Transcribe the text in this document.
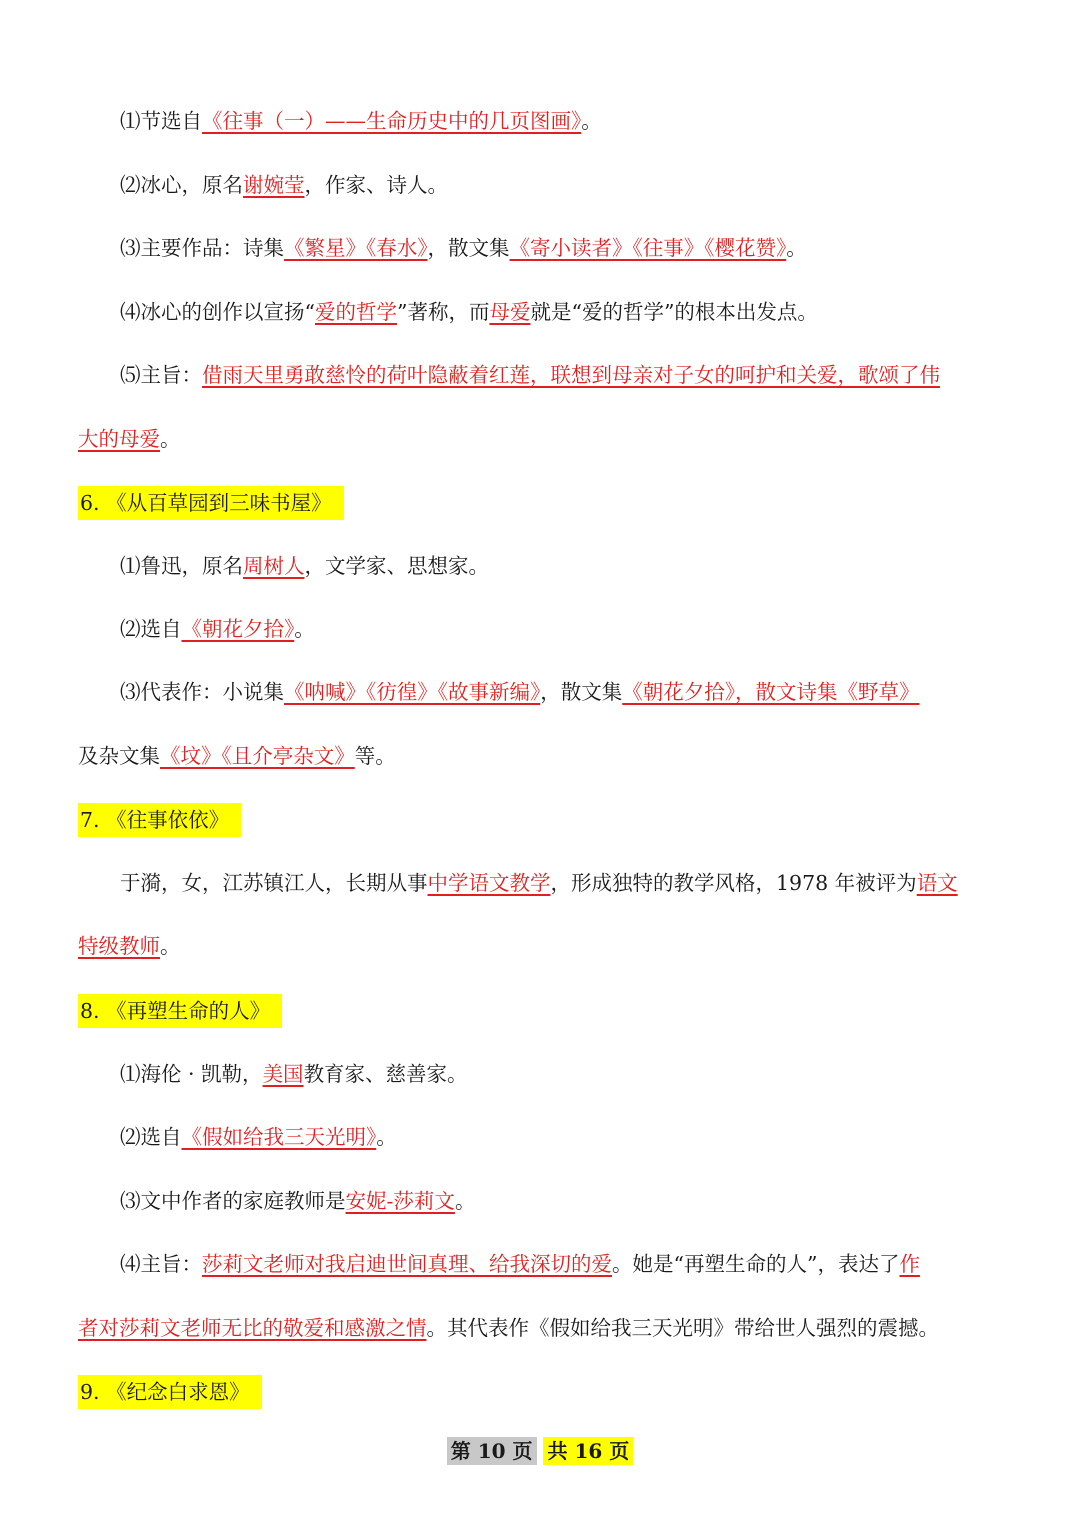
⑴节选自《往事（一）——生命历史中的几页图画》。
⑵冰心，原名谢婉莹，作家、诗人。
⑶主要作品：诗集《繁星》《春水》，散文集《寄小读者》《往事》《樱花赞》。
⑷冰心的创作以宣扬“爱的哲学”著称，而母爱就是“爱的哲学”的根本出发点。
⑸主旨：借雨天里勇敢慈怜的荷叶隐蔽着红莲，联想到母亲对子女的呵护和关爱，歌颂了伟
大的母爱。
6. 《从百草园到三味书屋》
⑴鲁迅，原名周树人，文学家、思想家。
⑵选自《朝花夕拾》。
⑶代表作：小说集《呐喊》《彷徨》《故事新编》，散文集《朝花夕拾》，散文诗集《野草》
及杂文集《坟》《且介亭杂文》等。
7. 《往事依依》
于漪，女，江苏镇江人，长期从事中学语文教学，形成独特的教学风格，1978 年被评为语文
特级教师。
8. 《再塑生命的人》
⑴海伦 · 凯勒，美国教育家、慈善家。
⑵选自《假如给我三天光明》。
⑶文中作者的家庭教师是安妮-莎莉文。
⑷主旨：莎莉文老师对我启迪世间真理、给我深切的爱。她是“再塑生命的人”，表达了作
者对莎莉文老师无比的敬爱和感激之情。其代表作《假如给我三天光明》带给世人强烈的震撼。
9. 《纪念白求恩》
第 10 页 共 16 页
